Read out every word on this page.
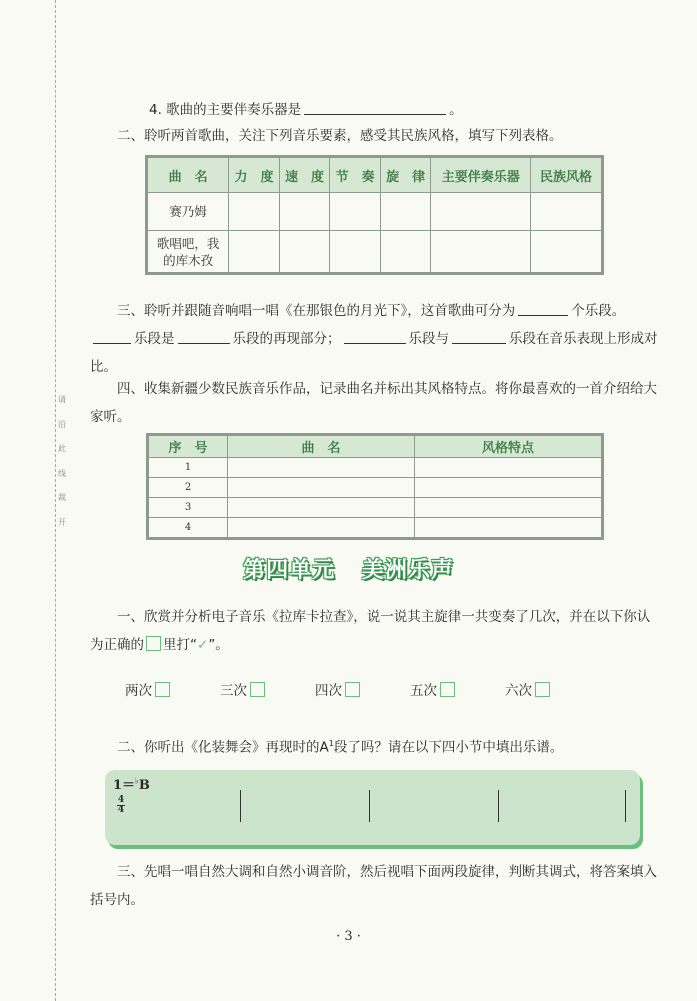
请
沿
此
线
裁
开
4. 歌曲的主要伴奏乐器是	。
二、聆听两首歌曲，关注下列音乐要素，感受其民族风格，填写下列表格。
曲　名	力　度	速　度	节　奏	旋　律	主要伴奏乐器	民族风格
赛乃姆						
歌唱吧，我的库木孜						
三、聆听并跟随音响唱一唱《在那银色的月光下》，这首歌曲可分为	个乐段。乐段是	乐段的再现部分；	乐段与	乐段在音乐表现上形成对比。
四、收集新疆少数民族音乐作品，记录曲名并标出其风格特点。将你最喜欢的一首介绍给大家听。
序　号	曲　名	风格特点
1		
2		
3		
4		
第四单元 美洲乐声
一、欣赏并分析电子音乐《拉库卡拉查》，说一说其主旋律一共变奏了几次，并在以下你认为正确的 里打“✓”。
两次	三次	四次	五次	六次
二、你听出《化装舞会》再现时的$A^1$段了吗？请在以下四小节中填出乐谱。
1＝♭B
4
4
三、先唱一唱自然大调和自然小调音阶，然后视唱下面两段旋律，判断其调式，将答案填入括号内。
· 3 ·
